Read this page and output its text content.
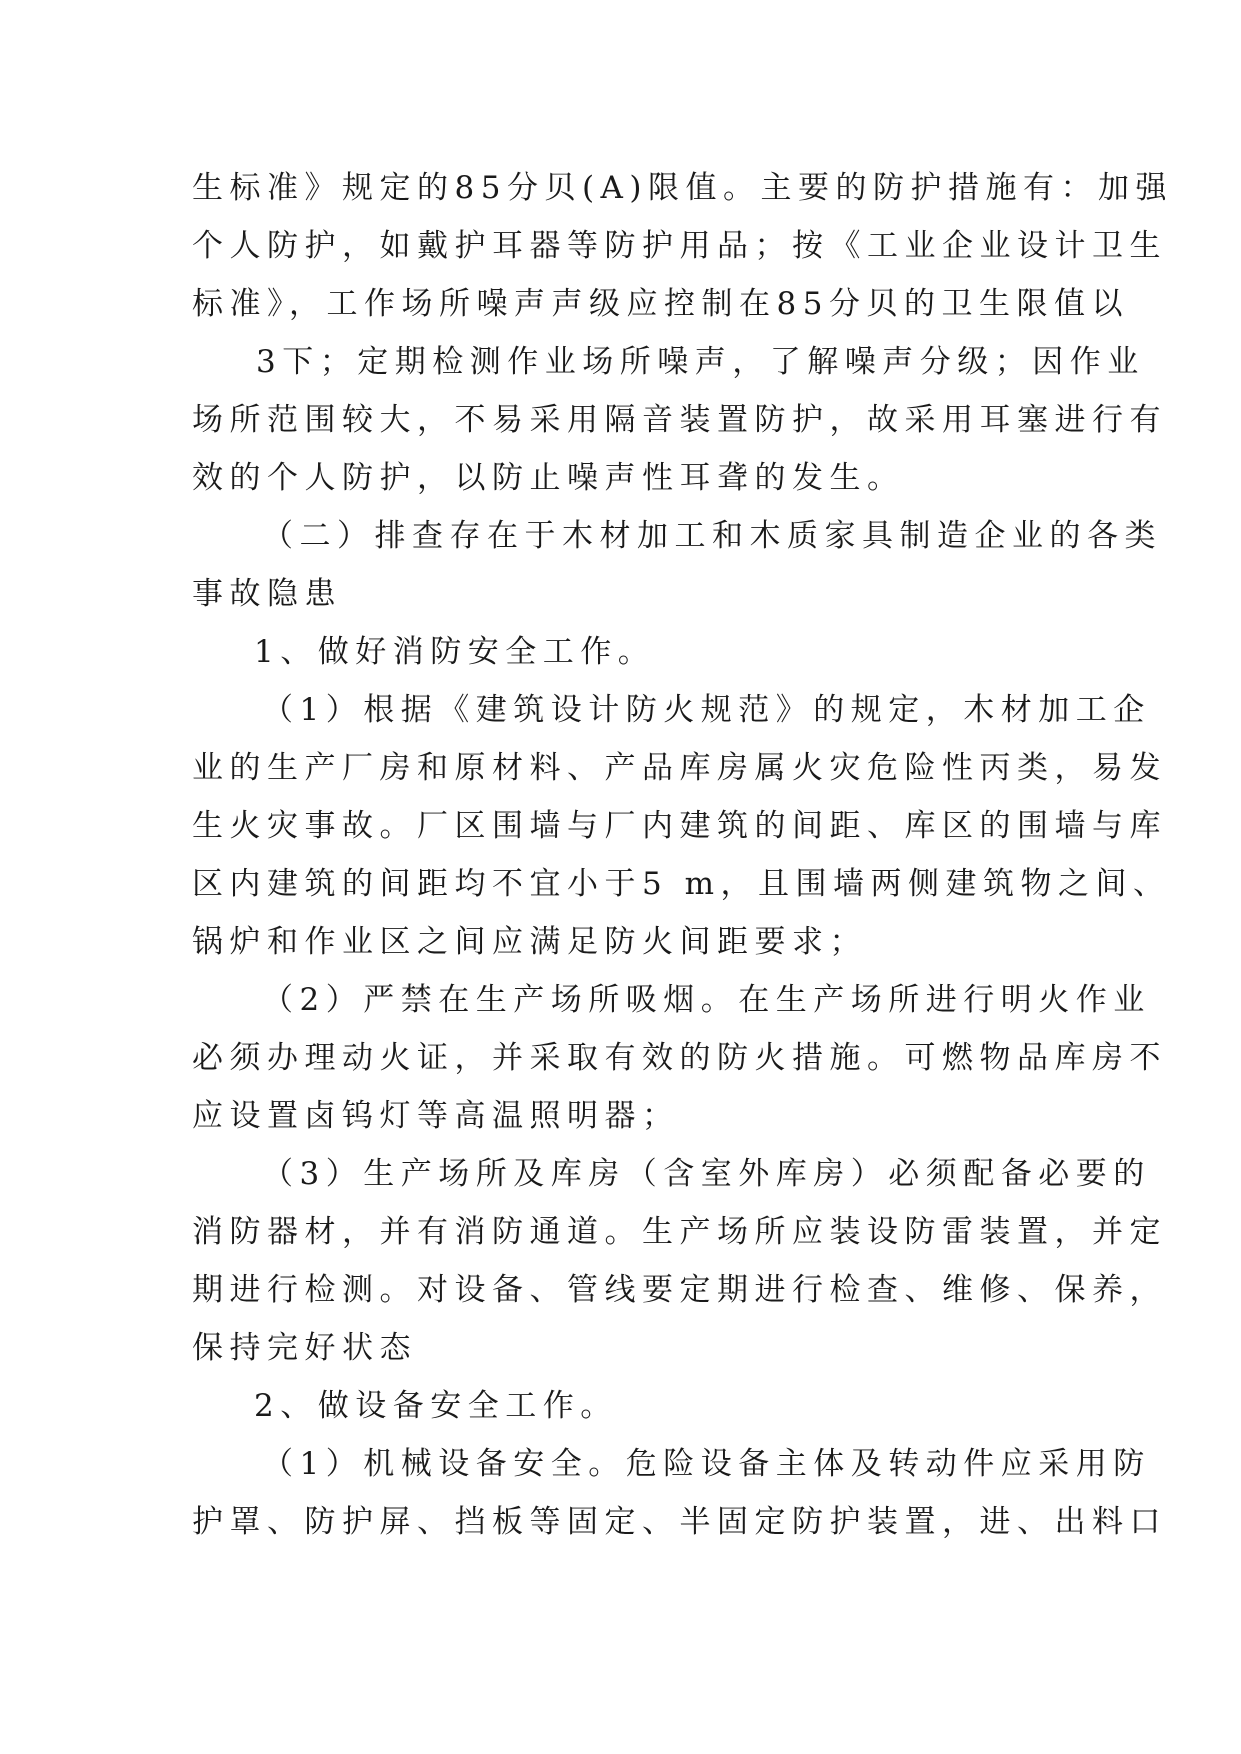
生标准》规定的85分贝(A)限值。主要的防护措施有：加强
个人防护，如戴护耳器等防护用品；按《工业企业设计卫生
标准》，工作场所噪声声级应控制在85分贝的卫生限值以
3下；定期检测作业场所噪声，了解噪声分级；因作业
场所范围较大，不易采用隔音装置防护，故采用耳塞进行有
效的个人防护，以防止噪声性耳聋的发生。
（二）排查存在于木材加工和木质家具制造企业的各类
事故隐患
1、做好消防安全工作。
（1）根据《建筑设计防火规范》的规定，木材加工企
业的生产厂房和原材料、产品库房属火灾危险性丙类，易发
生火灾事故。厂区围墙与厂内建筑的间距、库区的围墙与库
区内建筑的间距均不宜小于5 m，且围墙两侧建筑物之间、
锅炉和作业区之间应满足防火间距要求；
（2）严禁在生产场所吸烟。在生产场所进行明火作业
必须办理动火证，并采取有效的防火措施。可燃物品库房不
应设置卤钨灯等高温照明器；
（3）生产场所及库房（含室外库房）必须配备必要的
消防器材，并有消防通道。生产场所应装设防雷装置，并定
期进行检测。对设备、管线要定期进行检查、维修、保养，
保持完好状态
2、做设备安全工作。
（1）机械设备安全。危险设备主体及转动件应采用防
护罩、防护屏、挡板等固定、半固定防护装置，进、出料口
